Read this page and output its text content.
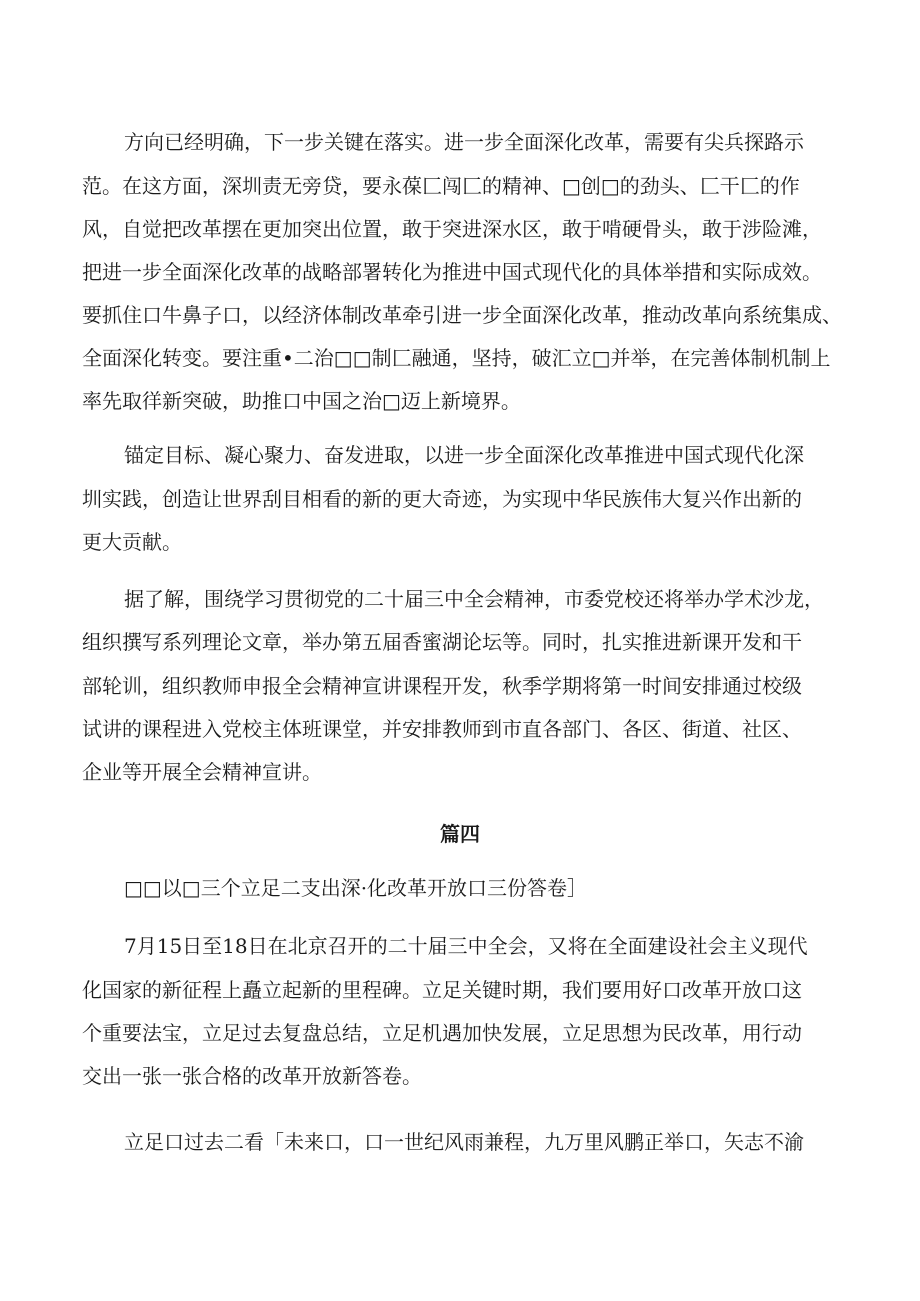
方向已经明确，下一步关键在落实。进一步全面深化改革，需要有尖兵探路示
范。在这方面，深圳责无旁贷，要永葆匚闯匚的精神、□创□的劲头、匚干匚的作
风，自觉把改革摆在更加突出位置，敢于突进深水区，敢于啃硬骨头，敢于涉险滩，
把进一步全面深化改革的战略部署转化为推进中国式现代化的具体举措和实际成效。
要抓住口牛鼻子口，以经济体制改革牵引进一步全面深化改革，推动改革向系统集成、
全面深化转变。要注重•二治□□制匚融通，坚持，破汇立□并举，在完善体制机制上
率先取徉新突破，助推口中国之治□迈上新境界。
锚定目标、凝心聚力、奋发进取，以进一步全面深化改革推进中国式现代化深
圳实践，创造让世界刮目相看的新的更大奇迹，为实现中华民族伟大复兴作出新的
更大贡献。
据了解，围绕学习贯彻党的二十届三中全会精神，市委党校还将举办学术沙龙，
组织撰写系列理论文章，举办第五届香蜜湖论坛等。同时，扎实推进新课开发和干
部轮训，组织教师申报全会精神宣讲课程开发，秋季学期将第一时间安排通过校级
试讲的课程进入党校主体班课堂，并安排教师到市直各部门、各区、街道、社区、
企业等开展全会精神宣讲。
篇四
□□以□三个立足二支出深·化改革开放口三份答卷］
7月15日至18日在北京召开的二十届三中全会，又将在全面建设社会主义现代
化国家的新征程上矗立起新的里程碑。立足关键时期，我们要用好口改革开放口这
个重要法宝，立足过去复盘总结，立足机遇加快发展，立足思想为民改革，用行动
交出一张一张合格的改革开放新答卷。
立足口过去二看「未来口，口一世纪风雨兼程，九万里风鹏正举口，矢志不渝
